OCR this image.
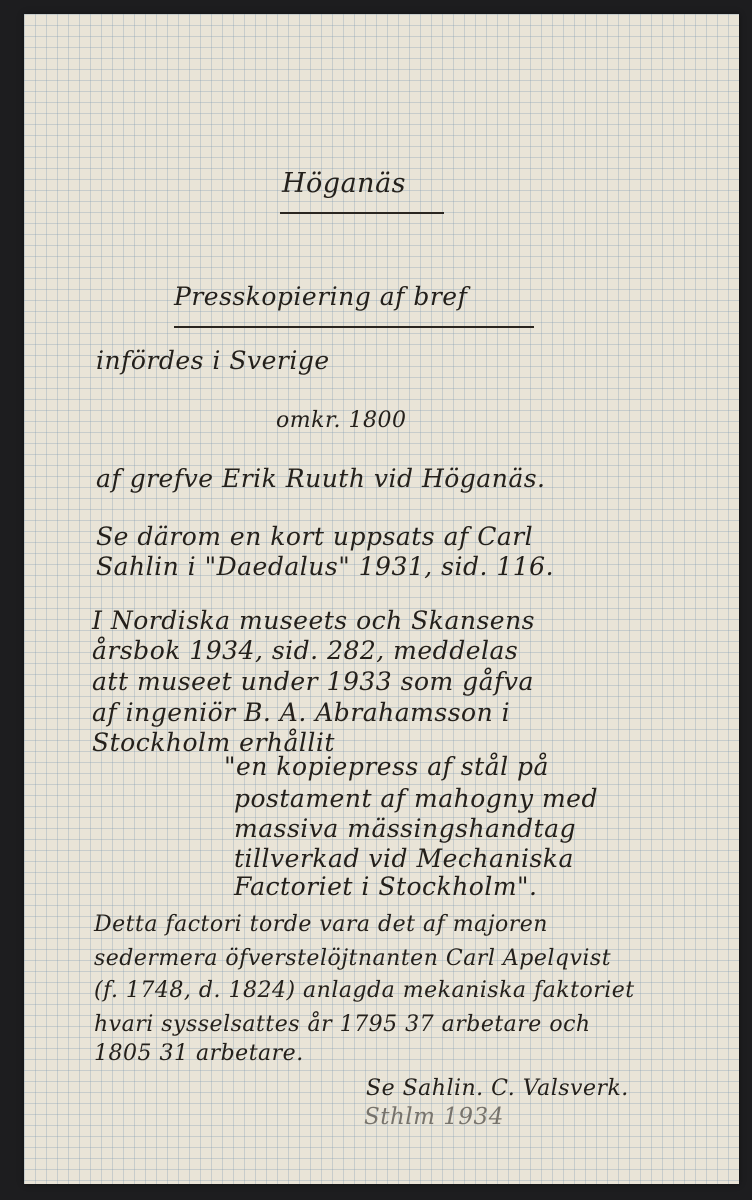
Höganäs

Presskopiering af bref

infördes i Sverige

omkr. 1800

af grefve Erik Ruuth vid Höganäs.

Se därom en kort uppsats af Carl

Sahlin i "Daedalus" 1931, sid. 116.

I Nordiska museets och Skansens

årsbok 1934, sid. 282, meddelas

att museet under 1933 som gåfva

af ingeniör B. A. Abrahamsson i

Stockholm erhållit

"en kopiepress af stål på

postament af mahogny med

massiva mässingshandtag

tillverkad vid Mechaniska

Factoriet i Stockholm".

Detta factori torde vara det af majoren

sedermera öfverstelöjtnanten Carl Apelqvist

(f. 1748, d. 1824) anlagda mekaniska faktoriet

hvari sysselsattes år 1795 37 arbetare och

1805 31 arbetare.

Se Sahlin. C. Valsverk.

Sthlm 1934
